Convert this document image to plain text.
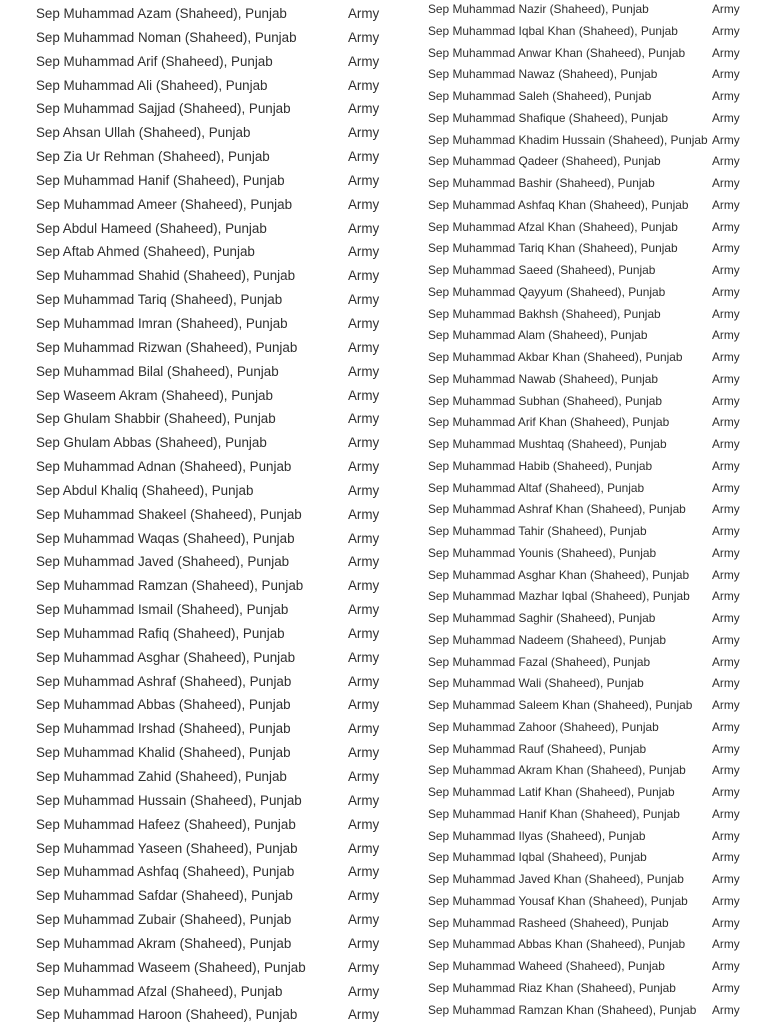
Sep Muhammad Azam (Shaheed), Punjab	Army
Sep Muhammad Noman (Shaheed), Punjab	Army
Sep Muhammad Arif (Shaheed), Punjab	Army
Sep Muhammad Ali (Shaheed), Punjab	Army
Sep Muhammad Sajjad (Shaheed), Punjab	Army
Sep Ahsan Ullah (Shaheed), Punjab	Army
Sep Zia Ur Rehman (Shaheed), Punjab	Army
Sep Muhammad Hanif (Shaheed), Punjab	Army
Sep Muhammad Ameer (Shaheed), Punjab	Army
Sep Abdul Hameed (Shaheed), Punjab	Army
Sep Aftab Ahmed (Shaheed), Punjab	Army
Sep Muhammad Shahid (Shaheed), Punjab	Army
Sep Muhammad Tariq (Shaheed), Punjab	Army
Sep Muhammad Imran (Shaheed), Punjab	Army
Sep Muhammad Rizwan (Shaheed), Punjab	Army
Sep Muhammad Bilal (Shaheed), Punjab	Army
Sep Waseem Akram (Shaheed), Punjab	Army
Sep Ghulam Shabbir (Shaheed), Punjab	Army
Sep Ghulam Abbas (Shaheed), Punjab	Army
Sep Muhammad Adnan (Shaheed), Punjab	Army
Sep Abdul Khaliq (Shaheed), Punjab	Army
Sep Muhammad Shakeel (Shaheed), Punjab	Army
Sep Muhammad Waqas (Shaheed), Punjab	Army
Sep Muhammad Javed (Shaheed), Punjab	Army
Sep Muhammad Ramzan (Shaheed), Punjab	Army
Sep Muhammad Ismail (Shaheed), Punjab	Army
Sep Muhammad Rafiq (Shaheed), Punjab	Army
Sep Muhammad Asghar (Shaheed), Punjab	Army
Sep Muhammad Ashraf (Shaheed), Punjab	Army
Sep Muhammad Abbas (Shaheed), Punjab	Army
Sep Muhammad Irshad (Shaheed), Punjab	Army
Sep Muhammad Khalid (Shaheed), Punjab	Army
Sep Muhammad Zahid (Shaheed), Punjab	Army
Sep Muhammad Hussain (Shaheed), Punjab	Army
Sep Muhammad Hafeez (Shaheed), Punjab	Army
Sep Muhammad Yaseen (Shaheed), Punjab	Army
Sep Muhammad Ashfaq (Shaheed), Punjab	Army
Sep Muhammad Safdar (Shaheed), Punjab	Army
Sep Muhammad Zubair (Shaheed), Punjab	Army
Sep Muhammad Akram (Shaheed), Punjab	Army
Sep Muhammad Waseem (Shaheed), Punjab	Army
Sep Muhammad Afzal (Shaheed), Punjab	Army
Sep Muhammad Haroon (Shaheed), Punjab	Army
Sep Muhammad Nazir (Shaheed), Punjab	Army
Sep Muhammad Iqbal Khan (Shaheed), Punjab	Army
Sep Muhammad Anwar Khan (Shaheed), Punjab Army
Sep Muhammad Nawaz (Shaheed), Punjab	Army
Sep Muhammad Saleh (Shaheed), Punjab	Army
Sep Muhammad Shafique (Shaheed), Punjab	Army
Sep Muhammad Khadim Hussain (Shaheed), Punjab Army
Sep Muhammad Qadeer (Shaheed), Punjab	Army
Sep Muhammad Bashir (Shaheed), Punjab	Army
Sep Muhammad Ashfaq Khan (Shaheed), Punjab Army
Sep Muhammad Afzal Khan (Shaheed), Punjab	Army
Sep Muhammad Tariq Khan (Shaheed), Punjab	Army
Sep Muhammad Saeed (Shaheed), Punjab	Army
Sep Muhammad Qayyum (Shaheed), Punjab	Army
Sep Muhammad Bakhsh (Shaheed), Punjab	Army
Sep Muhammad Alam (Shaheed), Punjab	Army
Sep Muhammad Akbar Khan (Shaheed), Punjab Army
Sep Muhammad Nawab (Shaheed), Punjab	Army
Sep Muhammad Subhan (Shaheed), Punjab	Army
Sep Muhammad Arif Khan (Shaheed), Punjab	Army
Sep Muhammad Mushtaq (Shaheed), Punjab	Army
Sep Muhammad Habib (Shaheed), Punjab	Army
Sep Muhammad Altaf (Shaheed), Punjab	Army
Sep Muhammad Ashraf Khan (Shaheed), Punjab Army
Sep Muhammad Tahir (Shaheed), Punjab	Army
Sep Muhammad Younis (Shaheed), Punjab	Army
Sep Muhammad Asghar Khan (Shaheed), Punjab Army
Sep Muhammad Mazhar Iqbal (Shaheed), Punjab Army
Sep Muhammad Saghir (Shaheed), Punjab	Army
Sep Muhammad Nadeem (Shaheed), Punjab	Army
Sep Muhammad Fazal (Shaheed), Punjab	Army
Sep Muhammad Wali (Shaheed), Punjab	Army
Sep Muhammad Saleem Khan (Shaheed), Punjab Army
Sep Muhammad Zahoor (Shaheed), Punjab	Army
Sep Muhammad Rauf (Shaheed), Punjab	Army
Sep Muhammad Akram Khan (Shaheed), Punjab Army
Sep Muhammad Latif Khan (Shaheed), Punjab	Army
Sep Muhammad Hanif Khan (Shaheed), Punjab	Army
Sep Muhammad Ilyas (Shaheed), Punjab	Army
Sep Muhammad Iqbal (Shaheed), Punjab	Army
Sep Muhammad Javed Khan (Shaheed), Punjab Army
Sep Muhammad Yousaf Khan (Shaheed), Punjab Army
Sep Muhammad Rasheed (Shaheed), Punjab	Army
Sep Muhammad Abbas Khan (Shaheed), Punjab Army
Sep Muhammad Waheed (Shaheed), Punjab	Army
Sep Muhammad Riaz Khan (Shaheed), Punjab	Army
Sep Muhammad Ramzan Khan (Shaheed), Punjab Army
